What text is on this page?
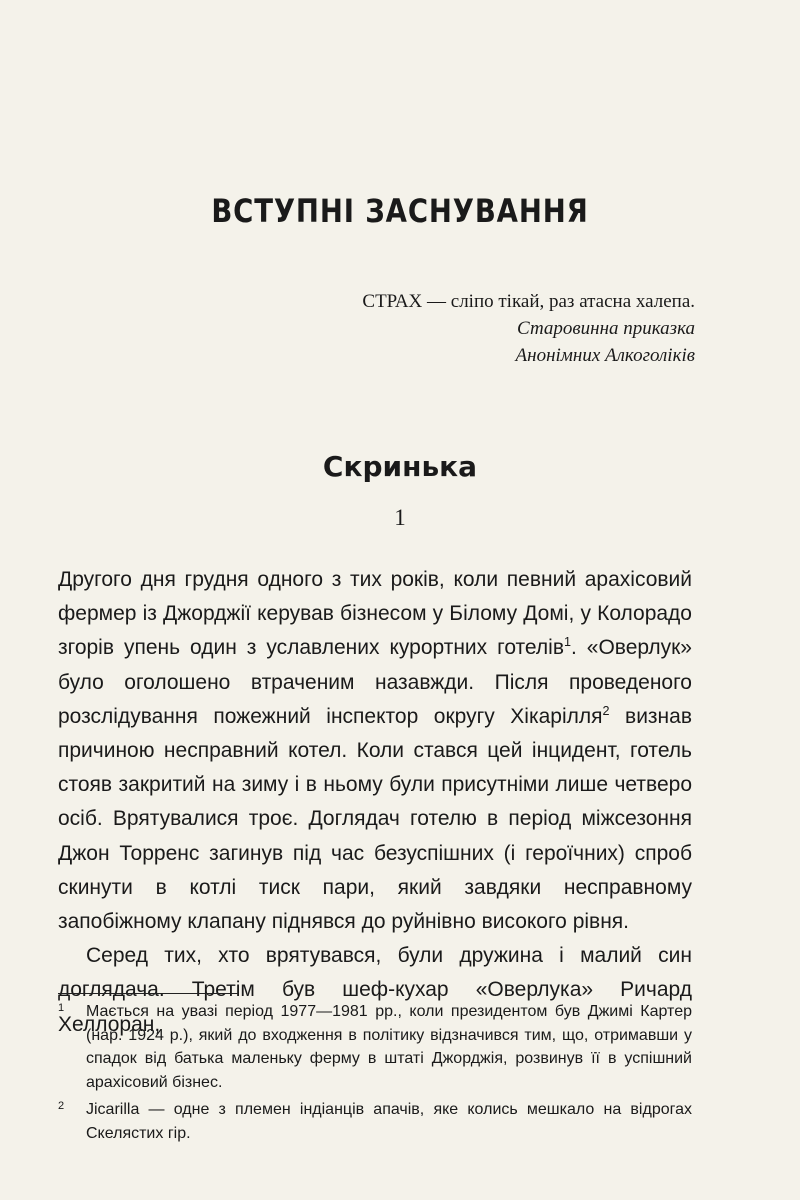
ВСТУПНІ ЗАСНУВАННЯ
СТРАХ — сліпо тікай, раз атасна халепа.
Старовинна приказка
Анонімних Алкоголіків
Скринька
1

Другого дня грудня одного з тих років, коли певний арахісовий фермер із Джорджії керував бізнесом у Білому Домі, у Колорадо згорів упень один з уславлених курортних готелів$^1$. «Оверлук» було оголошено втраченим назавжди. Після проведеного розслідування пожежний інспектор округу Хікарілля$^2$ визнав причиною несправний котел. Коли стався цей інцидент, готель стояв закритий на зиму і в ньому були присутніми лише четверо осіб. Врятувалися троє. Доглядач готелю в період міжсезоння Джон Торренс загинув під час безуспішних (і героїчних) спроб скинути в котлі тиск пари, який завдяки несправному запобіжному клапану піднявся до руйнівно високого рівня.

Серед тих, хто врятувався, були дружина і малий син доглядача. Третім був шеф-кухар «Оверлука» Ричард Хеллоран,

1 Мається на увазі період 1977—1981 рр., коли президентом був Джимі Картер (нар. 1924 р.), який до входження в політику відзначився тим, що, отримавши у спадок від батька маленьку ферму в штаті Джорджія, розвинув її в успішний арахісовий бізнес.

2 Jicarilla — одне з племен індіанців апачів, яке колись мешкало на відрогах Скелястих гір.
